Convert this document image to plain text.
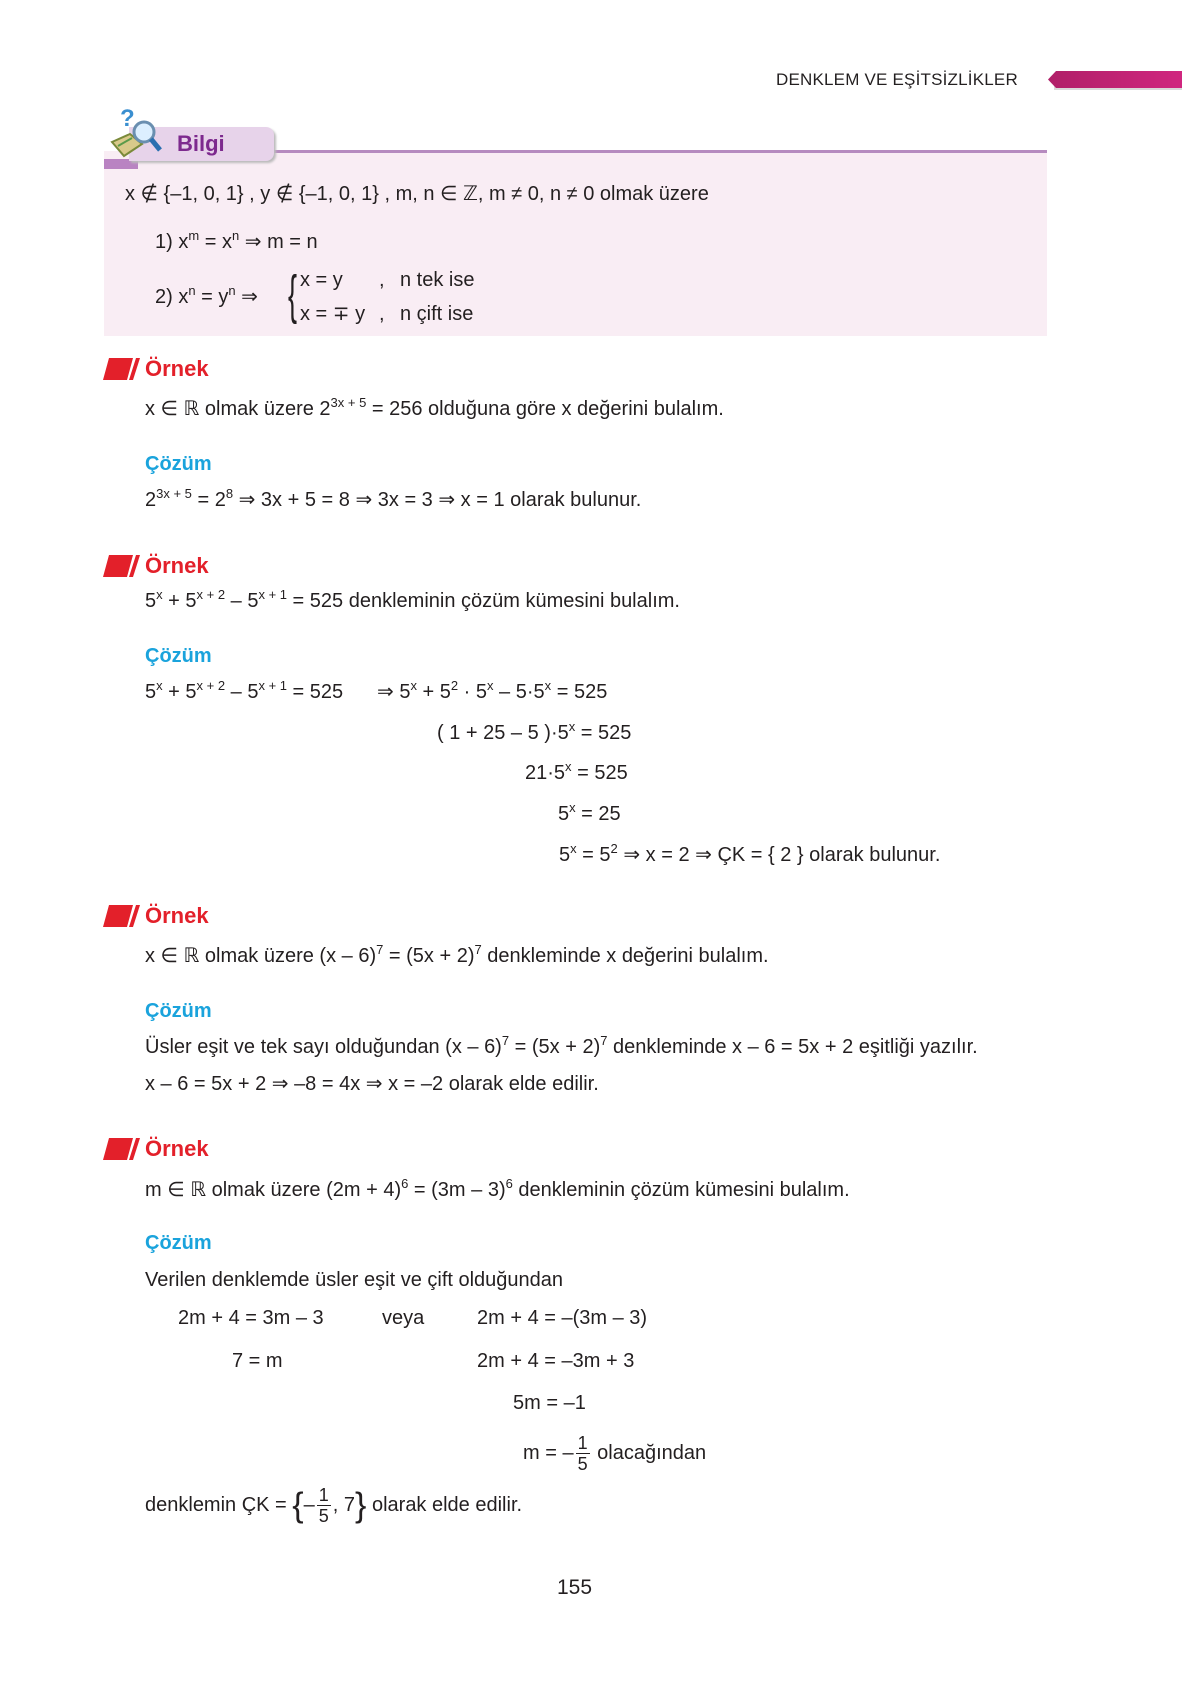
DENKLEM VE EŞİTSİZLİKLER
?
Bilgi
{
155
x ∉ {–1, 0, 1} , y ∉ {–1, 0, 1} , m, n ∈ ℤ, m ≠ 0, n ≠ 0 olmak üzere
1) $x^m = x^n$ ⇒ m = n
2) $x^n = y^n$ ⇒
x = y , n tek ise
x = ∓ y , n çift ise
x ∈ ℝ olmak üzere $2^{3x + 5} = 256$ olduğuna göre x değerini bulalım.
$2^{3x + 5} = 2^8$ ⇒ 3x + 5 = 8 ⇒ 3x = 3 ⇒ x = 1 olarak bulunur.
$5^x + 5^{x + 2} - 5^{x + 1} = 525$ denkleminin çözüm kümesini bulalım.
$5^x + 5^{x + 2} - 5^{x + 1} = 525$ ⇒ $5^x + 5^2 \cdot 5^x - 5\cdot 5^x = 525$
( 1 + 25 – 5 )$\cdot 5^x = 525$
$21\cdot 5^x = 525$
$5^x = 25$
$5^x = 5^2$ ⇒ x = 2 ⇒ ÇK = { 2 } olarak bulunur.
x ∈ ℝ olmak üzere $(x - 6)^7 = (5x + 2)^7$ denkleminde x değerini bulalım.
Üsler eşit ve tek sayı olduğundan $(x - 6)^7 = (5x + 2)^7$ denkleminde x – 6 = 5x + 2 eşitliği yazılır.
x – 6 = 5x + 2 ⇒ –8 = 4x ⇒ x = –2 olarak elde edilir.
m ∈ ℝ olmak üzere $(2m + 4)^6 = (3m - 3)^6$ denkleminin çözüm kümesini bulalım.
Verilen denklemde üsler eşit ve çift olduğundan
2m + 4 = 3m – 3	veya	2m + 4 = –(3m – 3)
7 = m	2m + 4 = –3m + 3
5m = –1
m = – $\frac{1}{5}$ olacağından
denklemin ÇK = {– $\frac{1}{5}$ , 7} olarak elde edilir.
Örnek
Örnek
Örnek
Örnek
Çözüm
Çözüm
Çözüm
Çözüm
